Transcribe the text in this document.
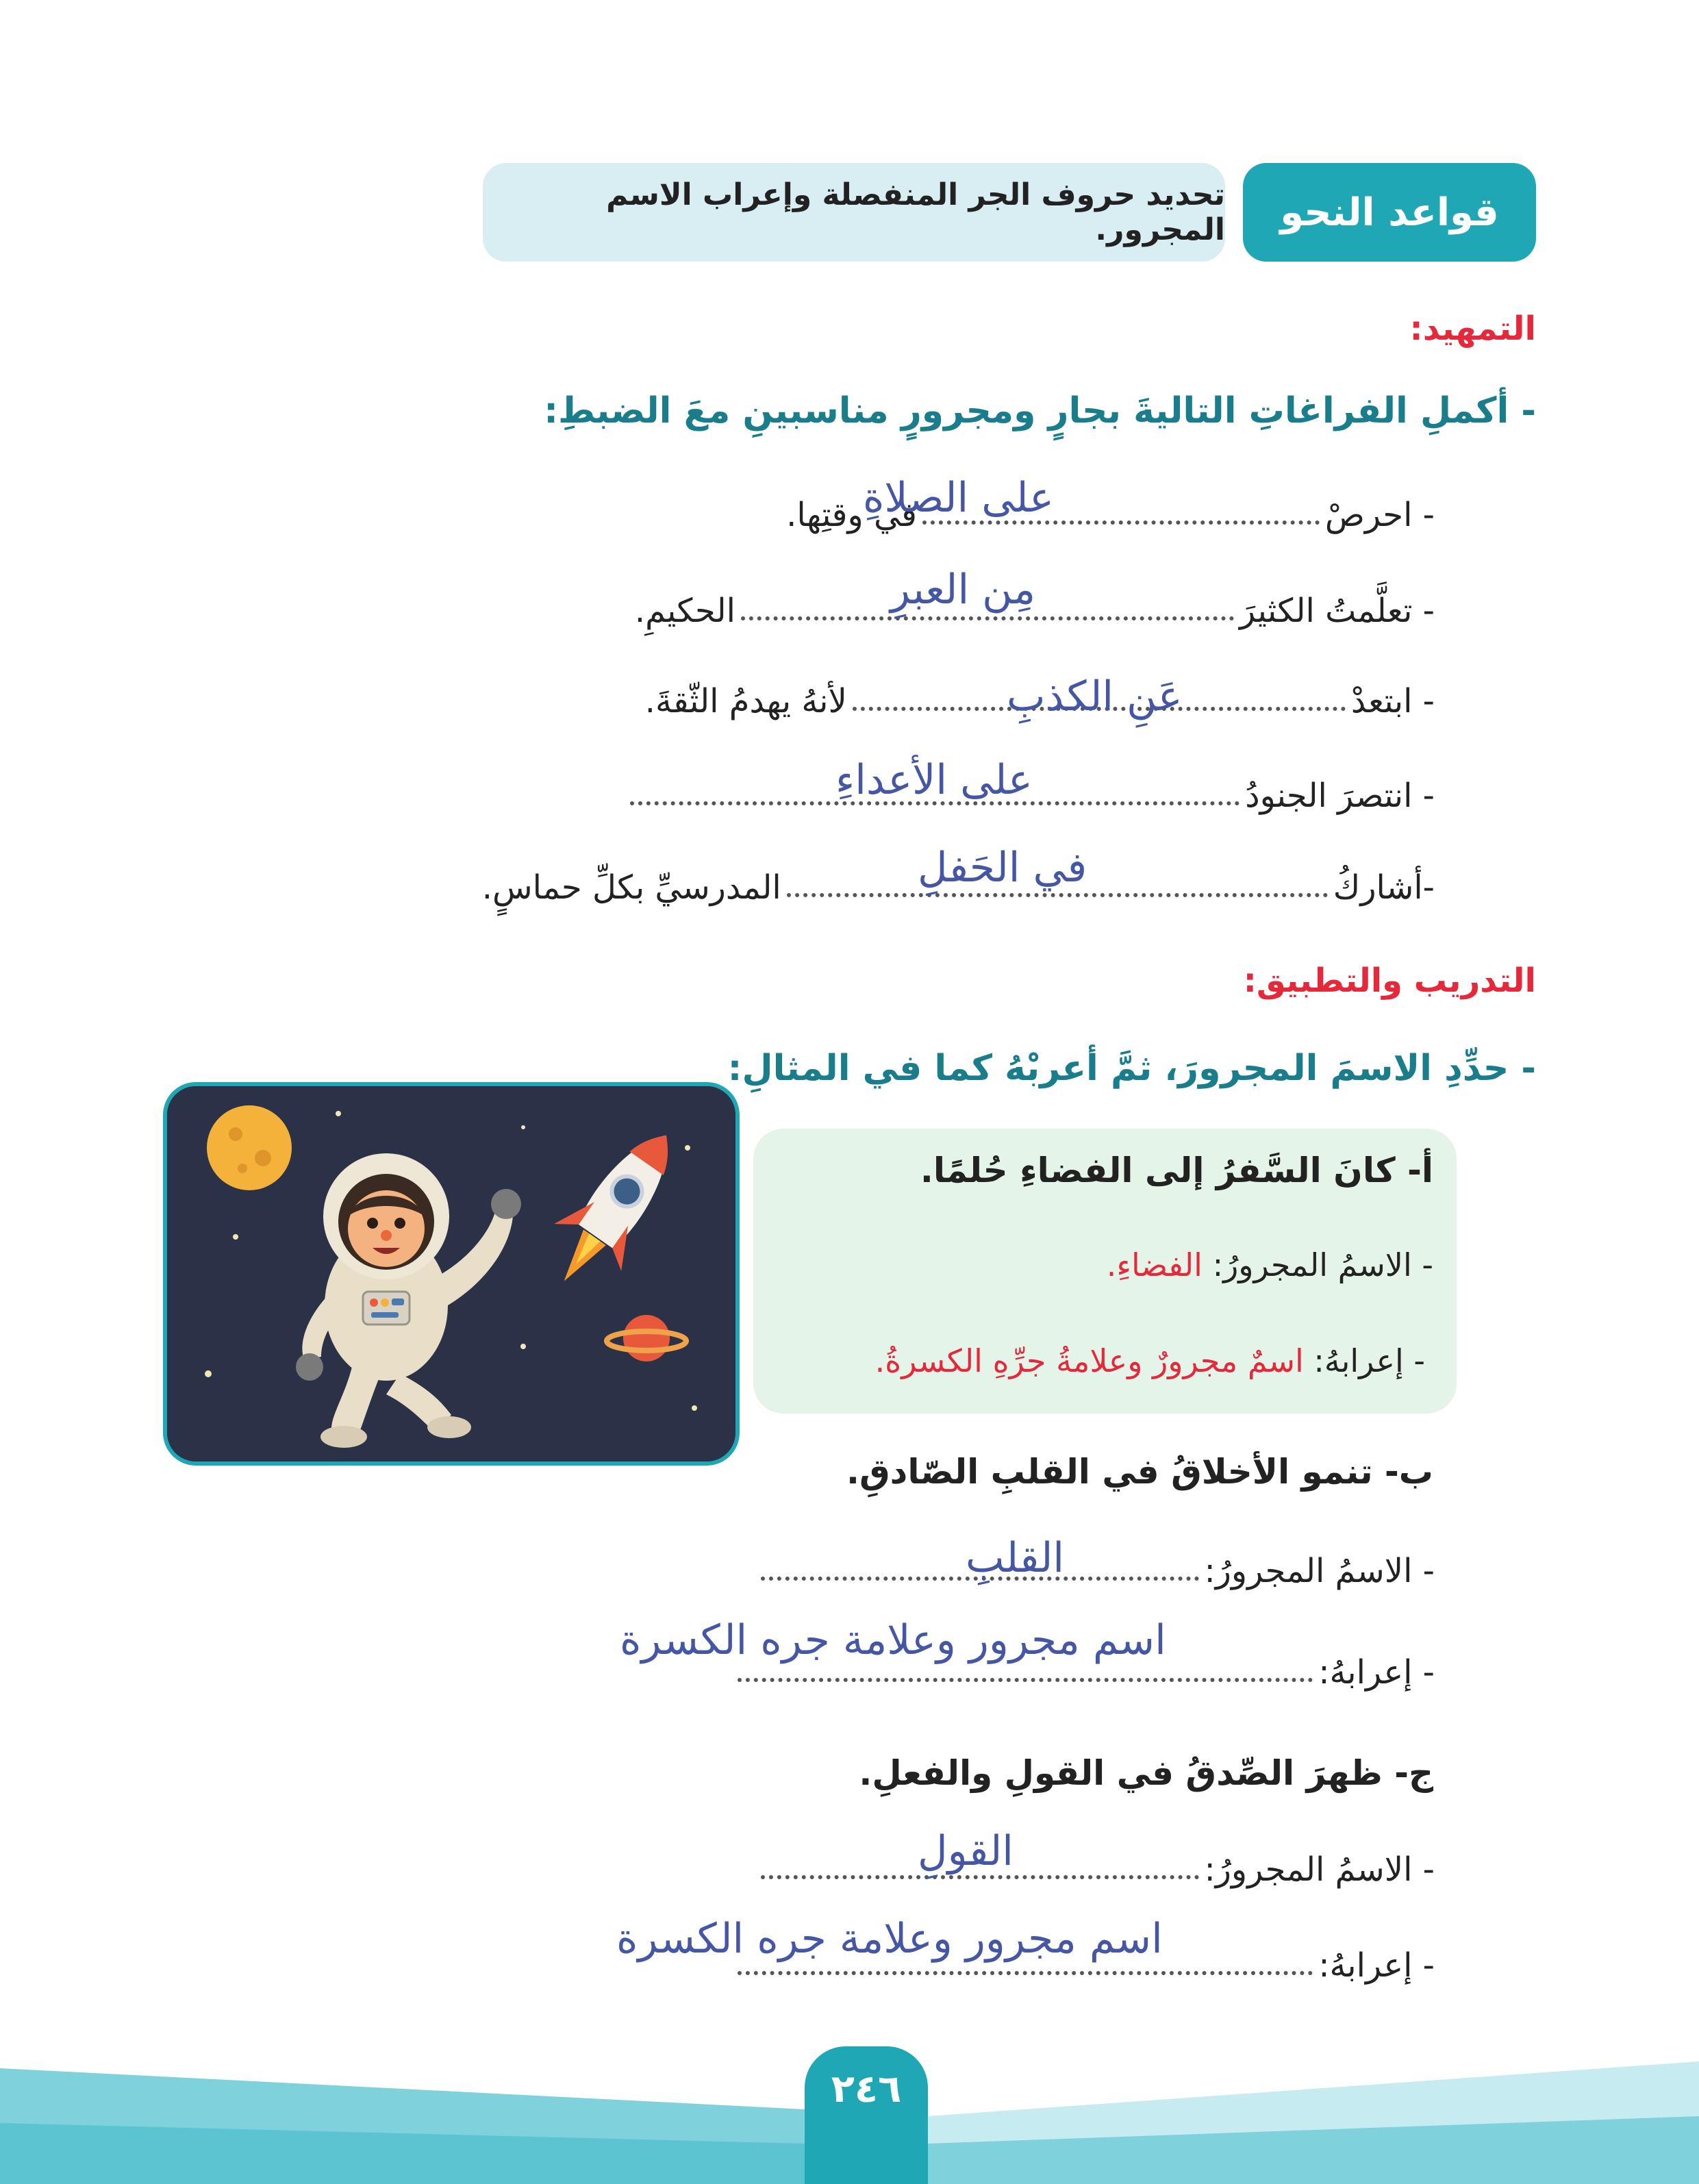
قواعد النحو
تحديد حروف الجر المنفصلة وإعراب الاسم المجرور.
التمهيد:
- أكملِ الفراغاتِ التاليةَ بجارٍ ومجرورٍ مناسبينِ معَ الضبطِ:
- احرصْ
في وقتِها.
على الصلاةِ
- تعلَّمتُ الكثيرَ
الحكيمِ.	مِن العبرِ
- ابتعدْ
لأنهُ يهدمُ الثّقةَ.	عَنِ الكذبِ
- انتصرَ الجنودُ
على الأعداءِ
-أشاركُ
المدرسيِّ بكلِّ حماسٍ.	في الحَفلِ
التدريب والتطبيق:
- حدِّدِ الاسمَ المجرورَ، ثمَّ أعربْهُ كما في المثالِ:
أ- كانَ السَّفرُ إلى الفضاءِ حُلمًا.
- الاسمُ المجرورُ: الفضاءِ.
- إعرابهُ: اسمٌ مجرورٌ وعلامةُ جرِّهِ الكسرةُ.
ب- تنمو الأخلاقُ في القلبِ الصّادقِ.
- الاسمُ المجرورُ:
القلبِ
- إعرابهُ:
اسم مجرور وعلامة جره الكسرة
ج- ظهرَ الصِّدقُ في القولِ والفعلِ.
- الاسمُ المجرورُ:
القولِ
- إعرابهُ:
اسم مجرور وعلامة جره الكسرة
٢٤٦
